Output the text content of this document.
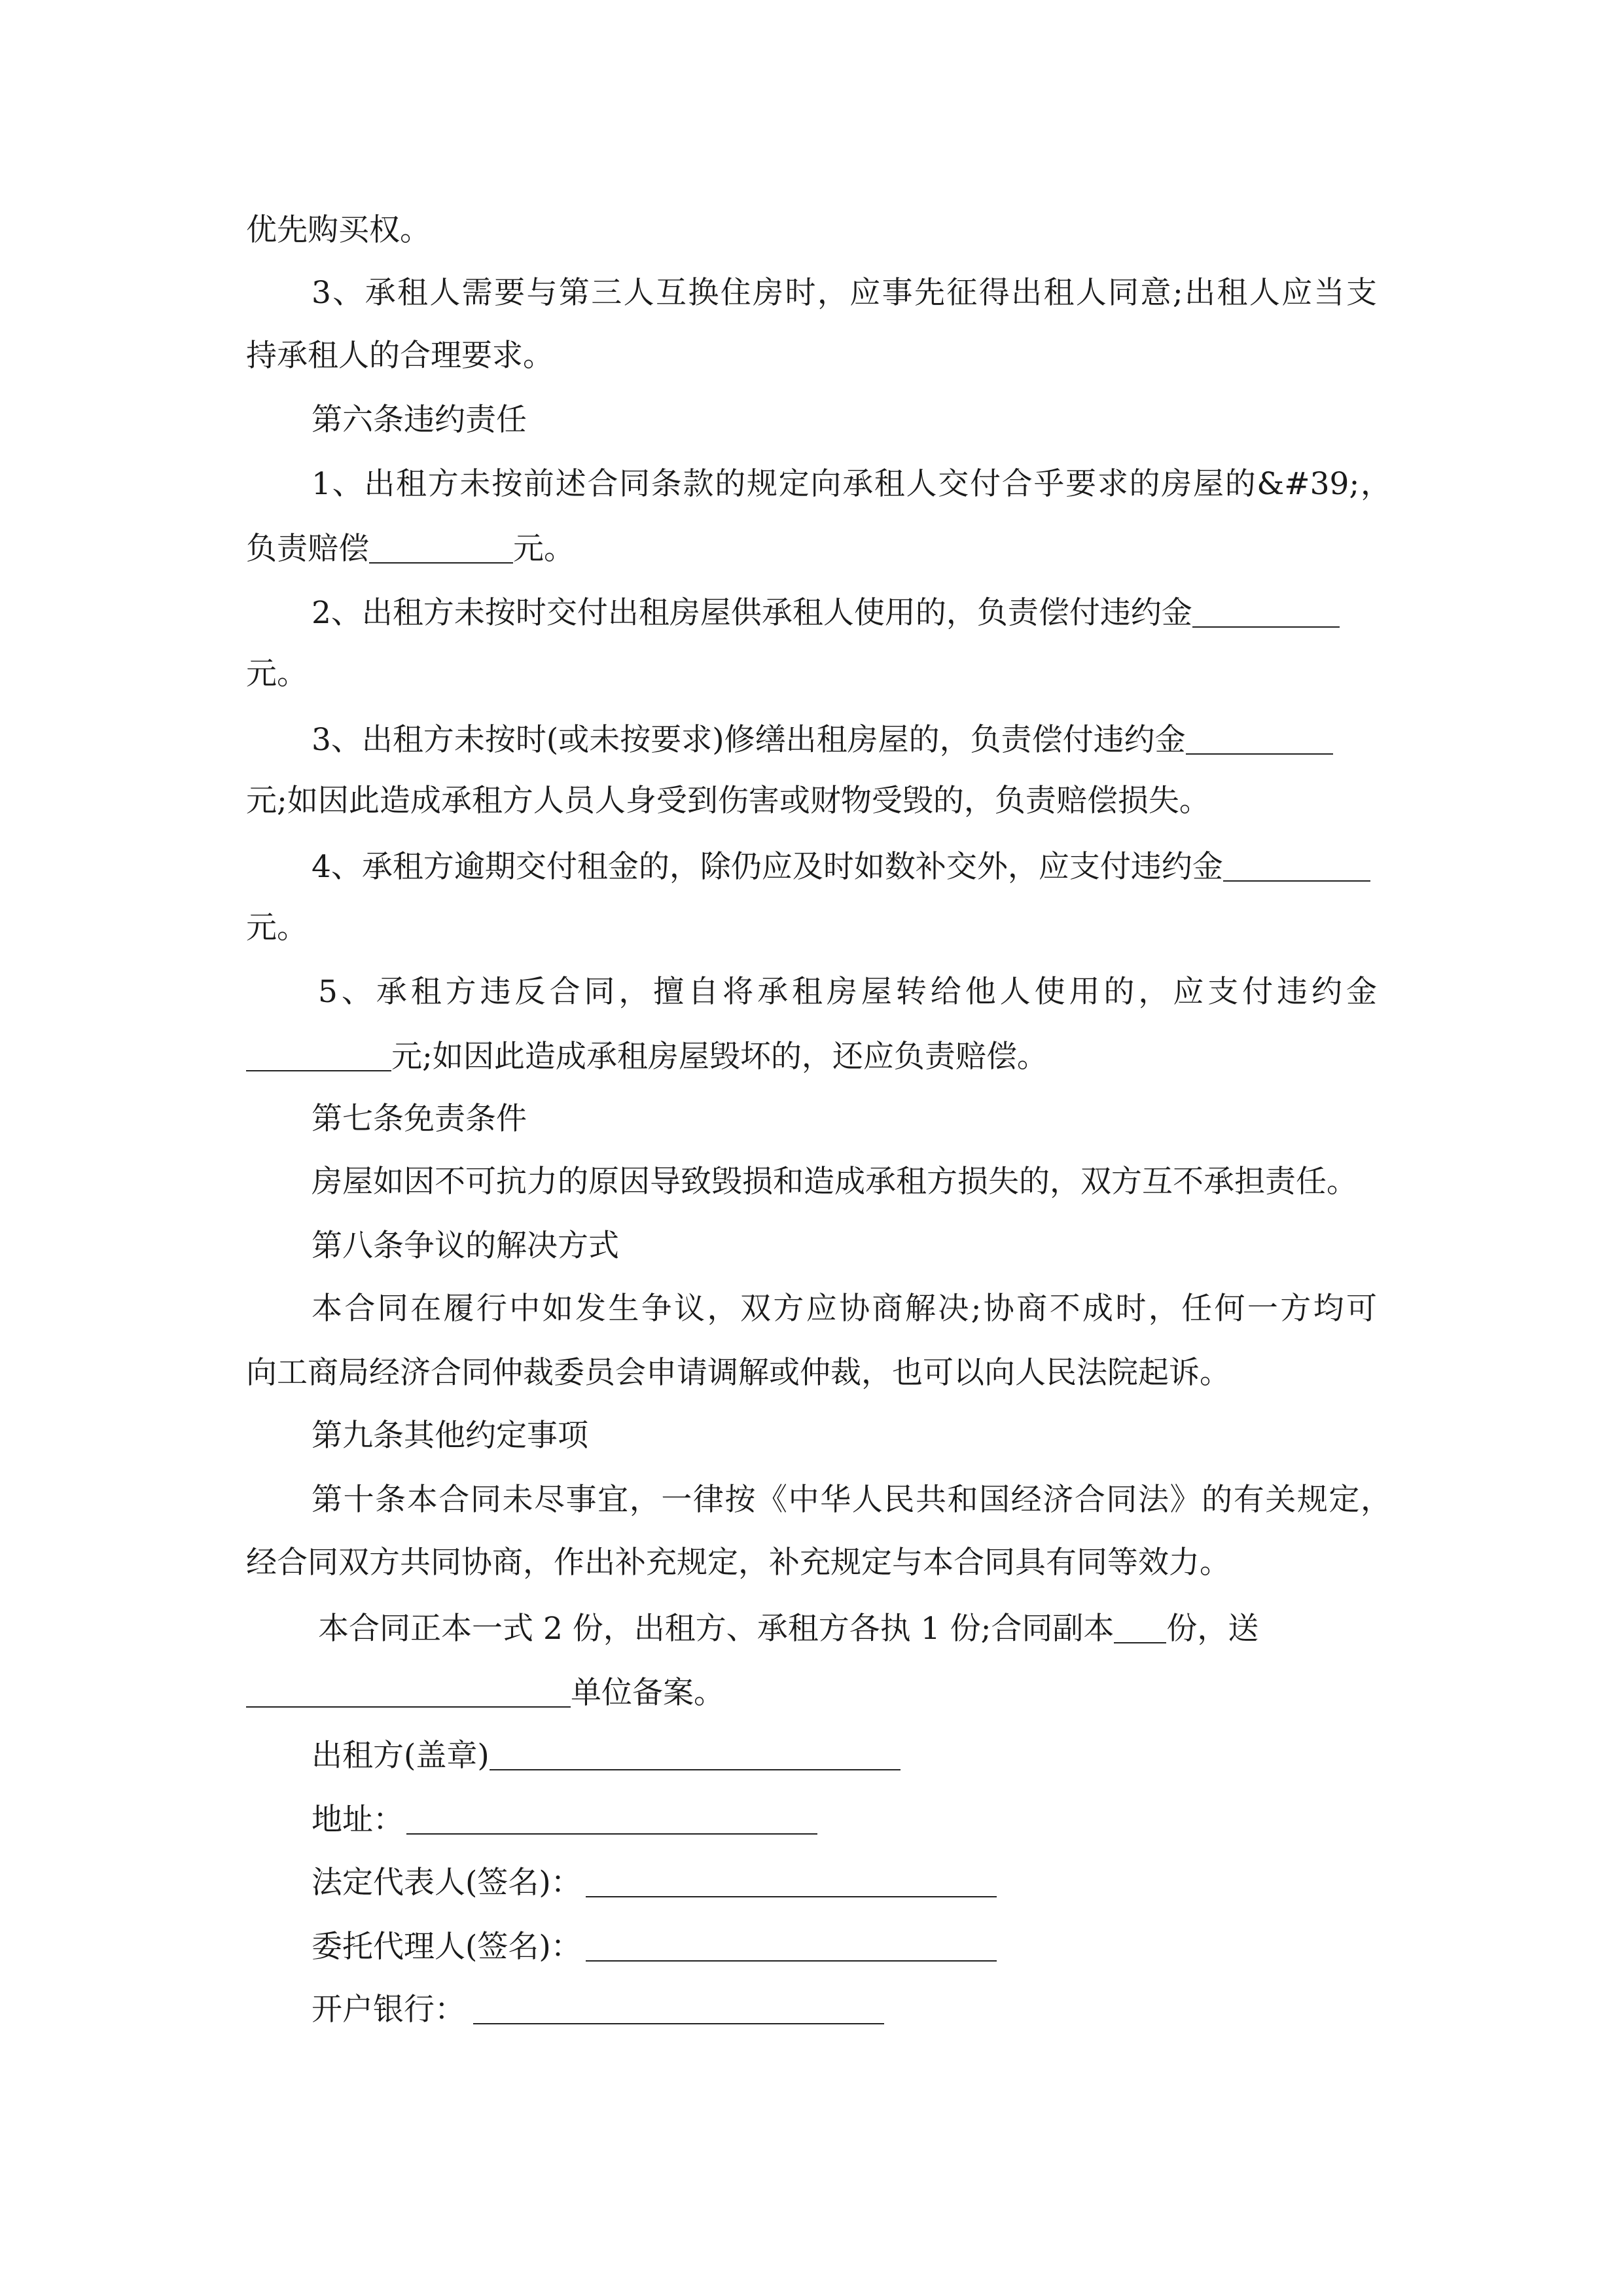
优先购买权。
3、承租人需要与第三人互换住房时，应事先征得出租人同意;出租人应当支
持承租人的合理要求。
第六条违约责任
1、出租方未按前述合同条款的规定向承租人交付合乎要求的房屋的&#39;，
负责赔偿	元。
2、出租方未按时交付出租房屋供承租人使用的，负责偿付违约金
元。
3、出租方未按时(或未按要求)修缮出租房屋的，负责偿付违约金
元;如因此造成承租方人员人身受到伤害或财物受毁的，负责赔偿损失。
4、承租方逾期交付租金的，除仍应及时如数补交外，应支付违约金
元。
5、承租方违反合同，擅自将承租房屋转给他人使用的，应支付违约金
元;如因此造成承租房屋毁坏的，还应负责赔偿。
第七条免责条件
房屋如因不可抗力的原因导致毁损和造成承租方损失的，双方互不承担责任。
第八条争议的解决方式
本合同在履行中如发生争议，双方应协商解决;协商不成时，任何一方均可
向工商局经济合同仲裁委员会申请调解或仲裁，也可以向人民法院起诉。
第九条其他约定事项
第十条本合同未尽事宜，一律按《中华人民共和国经济合同法》的有关规定，
经合同双方共同协商，作出补充规定，补充规定与本合同具有同等效力。
本合同正本一式 2 份，出租方、承租方各执 1 份;合同副本 份，送
单位备案。
出租方(盖章)
地址：
法定代表人(签名)：
委托代理人(签名)：
开户银行：
